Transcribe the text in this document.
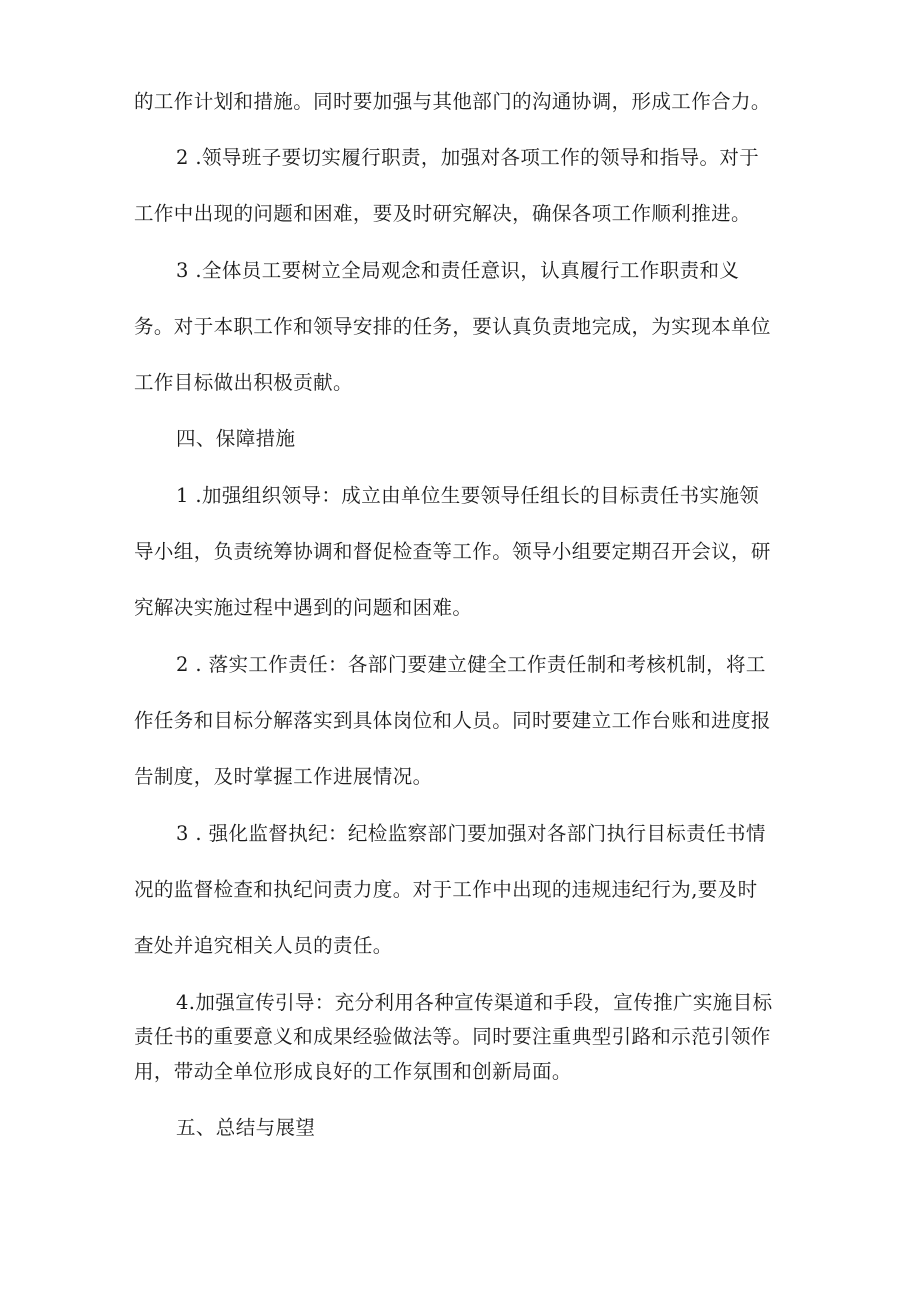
的工作计划和措施。同时要加强与其他部门的沟通协调，形成工作合力。
2 .领导班子要切实履行职责，加强对各项工作的领导和指导。对于
工作中出现的问题和困难，要及时研究解决，确保各项工作顺利推进。
3 .全体员工要树立全局观念和责任意识，认真履行工作职责和义
务。对于本职工作和领导安排的任务，要认真负责地完成，为实现本单位
工作目标做出积极贡献。
四、保障措施
1 .加强组织领导：成立由单位生要领导任组长的目标责任书实施领
导小组，负责统筹协调和督促检查等工作。领导小组要定期召开会议，研
究解决实施过程中遇到的问题和困难。
2 . 落实工作责任：各部门要建立健全工作责任制和考核机制，将工
作任务和目标分解落实到具体岗位和人员。同时要建立工作台账和进度报
告制度，及时掌握工作进展情况。
3 . 强化监督执纪：纪检监察部门要加强对各部门执行目标责任书情
况的监督检查和执纪问责力度。对于工作中出现的违规违纪行为,要及时
查处并追究相关人员的责任。
4.加强宣传引导：充分利用各种宣传渠道和手段，宣传推广实施目标
责任书的重要意义和成果经验做法等。同时要注重典型引路和示范引领作
用，带动全单位形成良好的工作氛围和创新局面。
五、总结与展望
